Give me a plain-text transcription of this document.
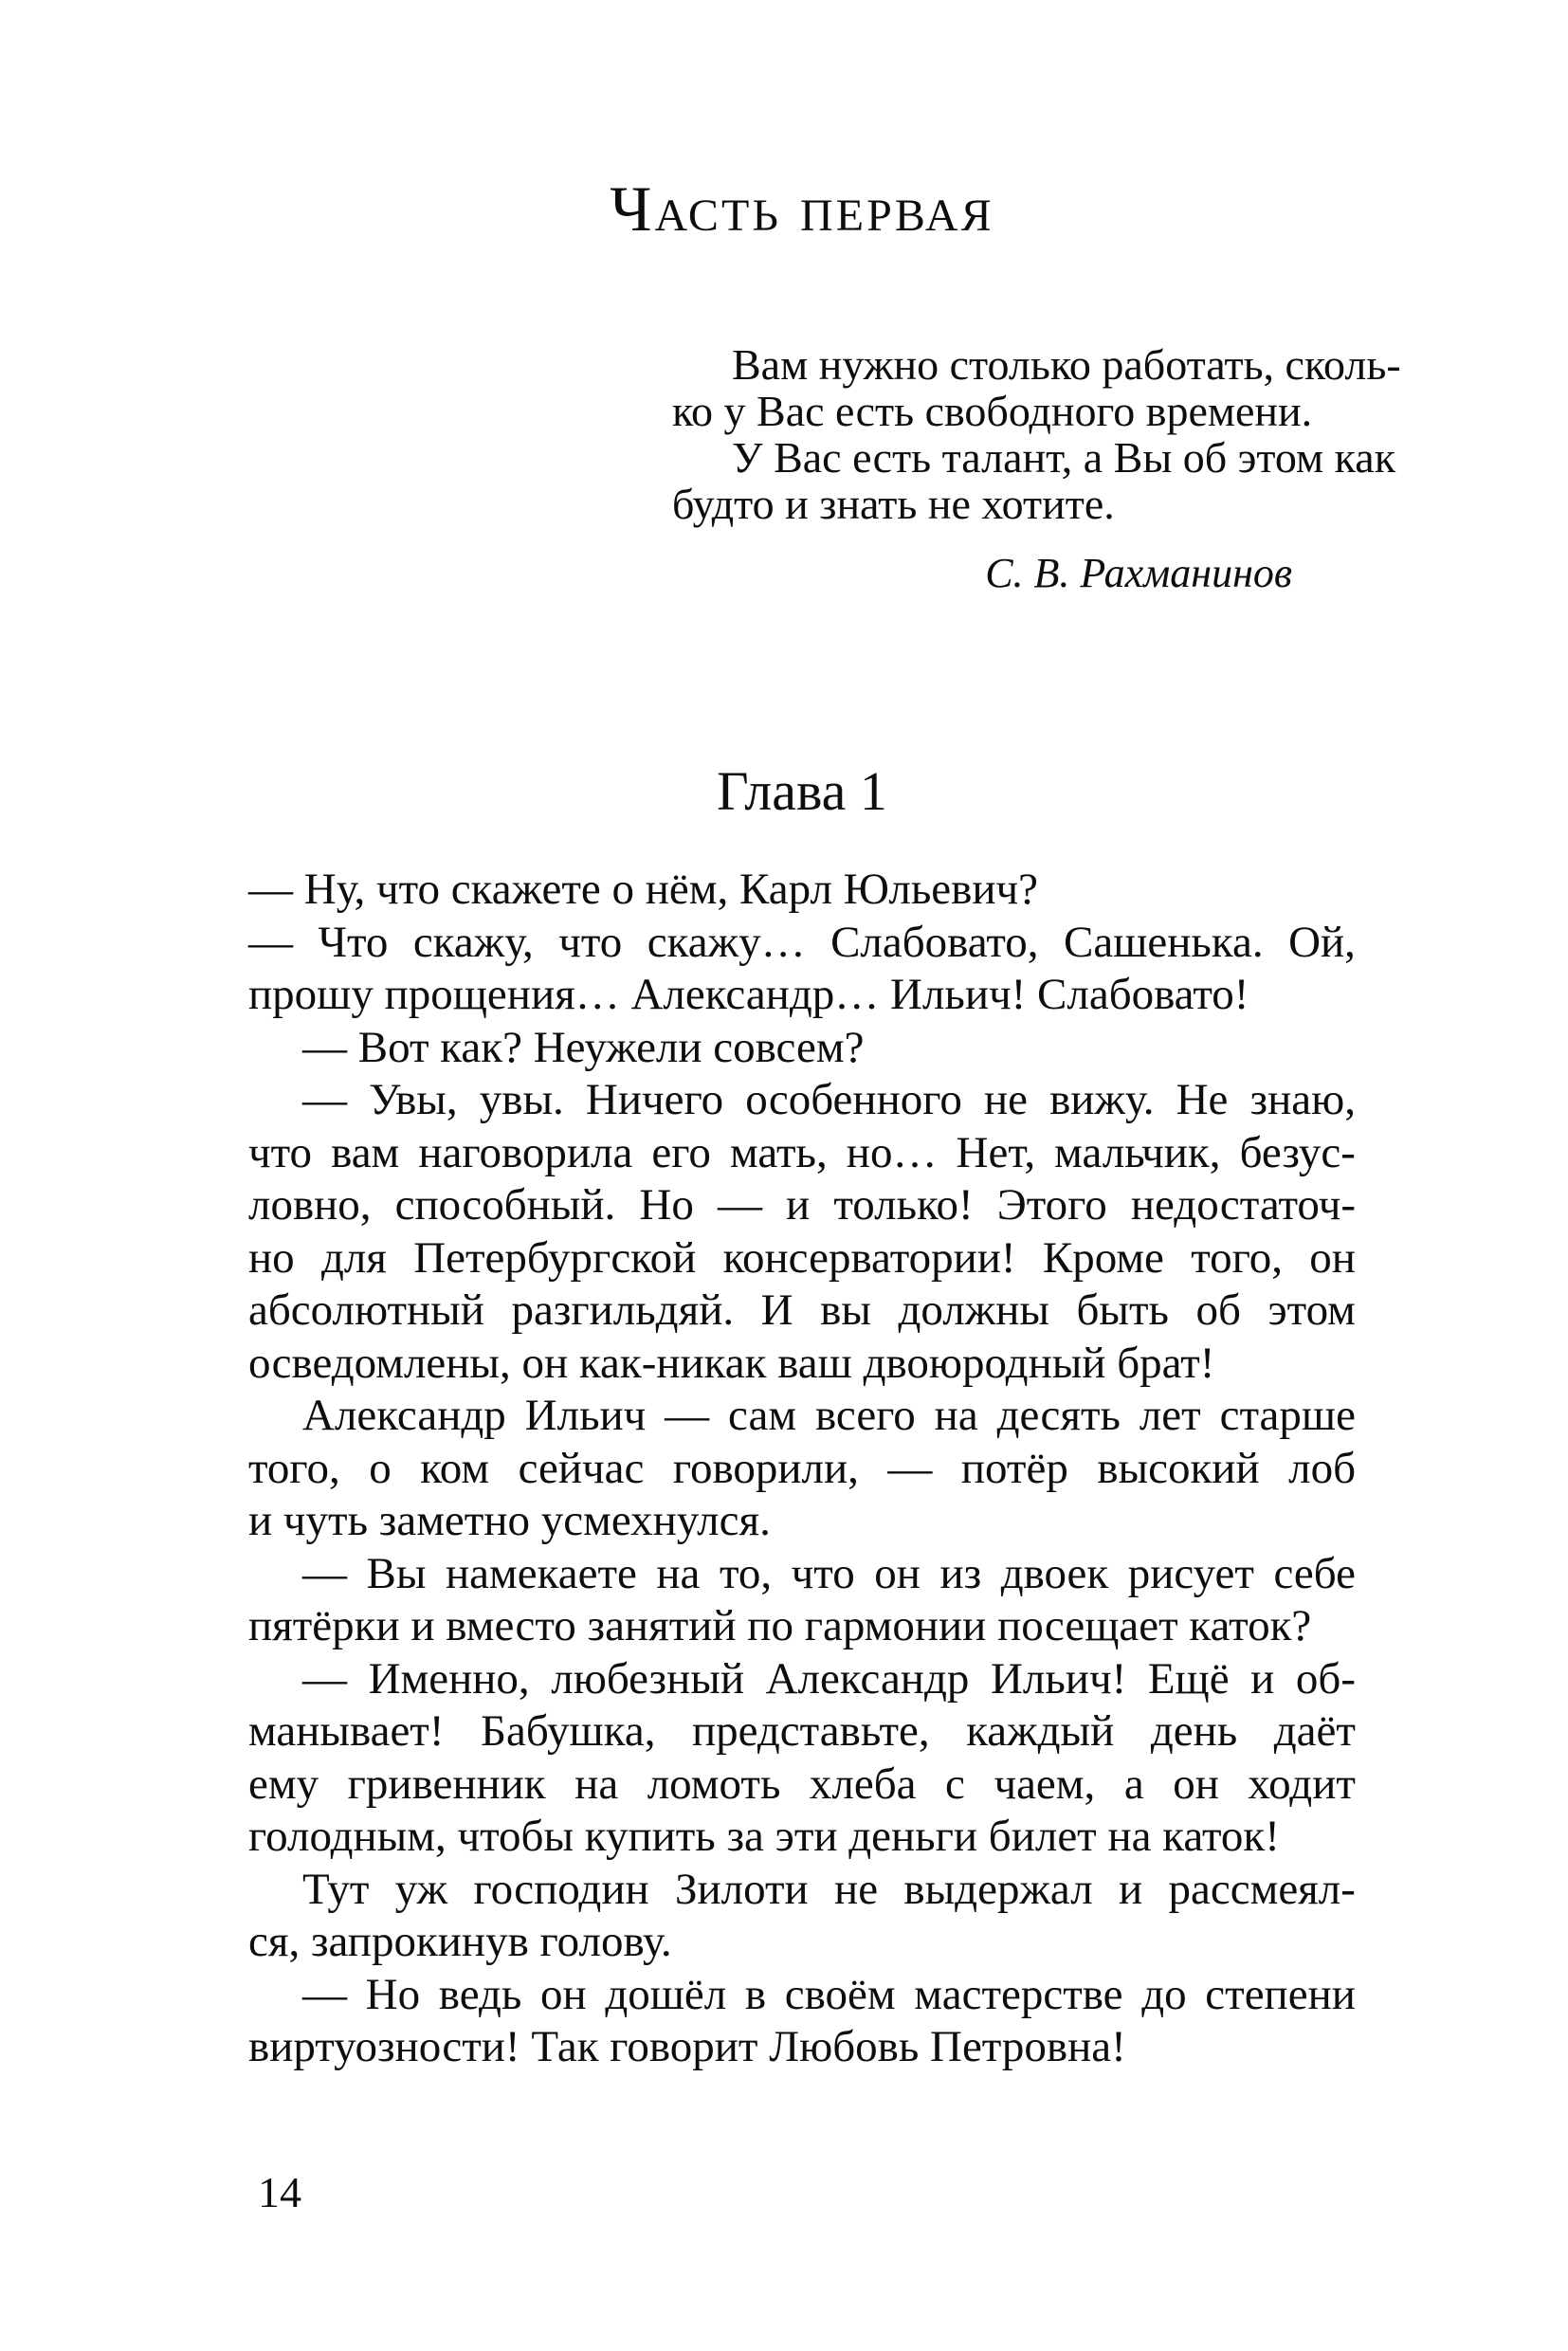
Часть первая
Вам нужно столько работать, сколь-
ко у Вас есть свободного времени.
У Вас есть талант, а Вы об этом как
будто и знать не хотите.
С. В. Рахманинов
Глава 1
— Ну, что скажете о нём, Карл Юльевич?
— Что скажу, что скажу… Слабовато, Сашенька. Ой,
прошу прощения… Александр… Ильич! Слабовато!
— Вот как? Неужели совсем?
— Увы, увы. Ничего особенного не вижу. Не знаю,
что вам наговорила его мать, но… Нет, мальчик, безус-
ловно, способный. Но — и только! Этого недостаточ-
но для Петербургской консерватории! Кроме того, он
абсолютный разгильдяй. И вы должны быть об этом
осведомлены, он как-никак ваш двоюродный брат!
Александр Ильич — сам всего на десять лет старше
того, о ком сейчас говорили, — потёр высокий лоб
и чуть заметно усмехнулся.
— Вы намекаете на то, что он из двоек рисует себе
пятёрки и вместо занятий по гармонии посещает каток?
— Именно, любезный Александр Ильич! Ещё и об-
манывает! Бабушка, представьте, каждый день даёт
ему гривенник на ломоть хлеба с чаем, а он ходит
голодным, чтобы купить за эти деньги билет на каток!
Тут уж господин Зилоти не выдержал и рассмеял-
ся, запрокинув голову.
— Но ведь он дошёл в своём мастерстве до степени
виртуозности! Так говорит Любовь Петровна!
14
